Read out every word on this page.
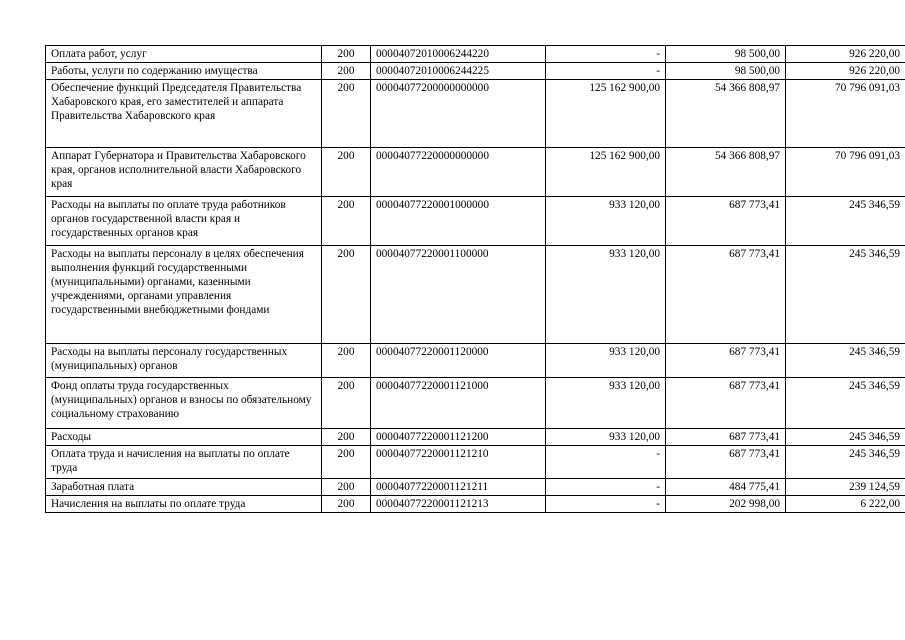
Оплата работ, услуг	200	00004072010006244220	-	98 500,00	926 220,00
Работы, услуги по содержанию имущества	200	00004072010006244225	-	98 500,00	926 220,00
Обеспечение функций Председателя Правительства Хабаровского края, его заместителей и аппарата Правительства Хабаровского края	200	00004077200000000000	125 162 900,00	54 366 808,97	70 796 091,03
Аппарат Губернатора и Правительства Хабаровского края, органов исполнительной власти Хабаровского края	200	00004077220000000000	125 162 900,00	54 366 808,97	70 796 091,03
Расходы на выплаты по оплате труда работников органов государственной власти края и государственных органов края	200	00004077220001000000	933 120,00	687 773,41	245 346,59
Расходы на выплаты персоналу в целях обеспечения выполнения функций государственными (муниципальными) органами, казенными учреждениями, органами управления государственными внебюджетными фондами	200	00004077220001100000	933 120,00	687 773,41	245 346,59
Расходы на выплаты персоналу государственных (муниципальных) органов	200	00004077220001120000	933 120,00	687 773,41	245 346,59
Фонд оплаты труда государственных (муниципальных) органов и взносы по обязательному социальному страхованию	200	00004077220001121000	933 120,00	687 773,41	245 346,59
Расходы	200	00004077220001121200	933 120,00	687 773,41	245 346,59
Оплата труда и начисления на выплаты по оплате труда	200	00004077220001121210	-	687 773,41	245 346,59
Заработная плата	200	00004077220001121211	-	484 775,41	239 124,59
Начисления на выплаты по оплате труда	200	00004077220001121213	-	202 998,00	6 222,00
